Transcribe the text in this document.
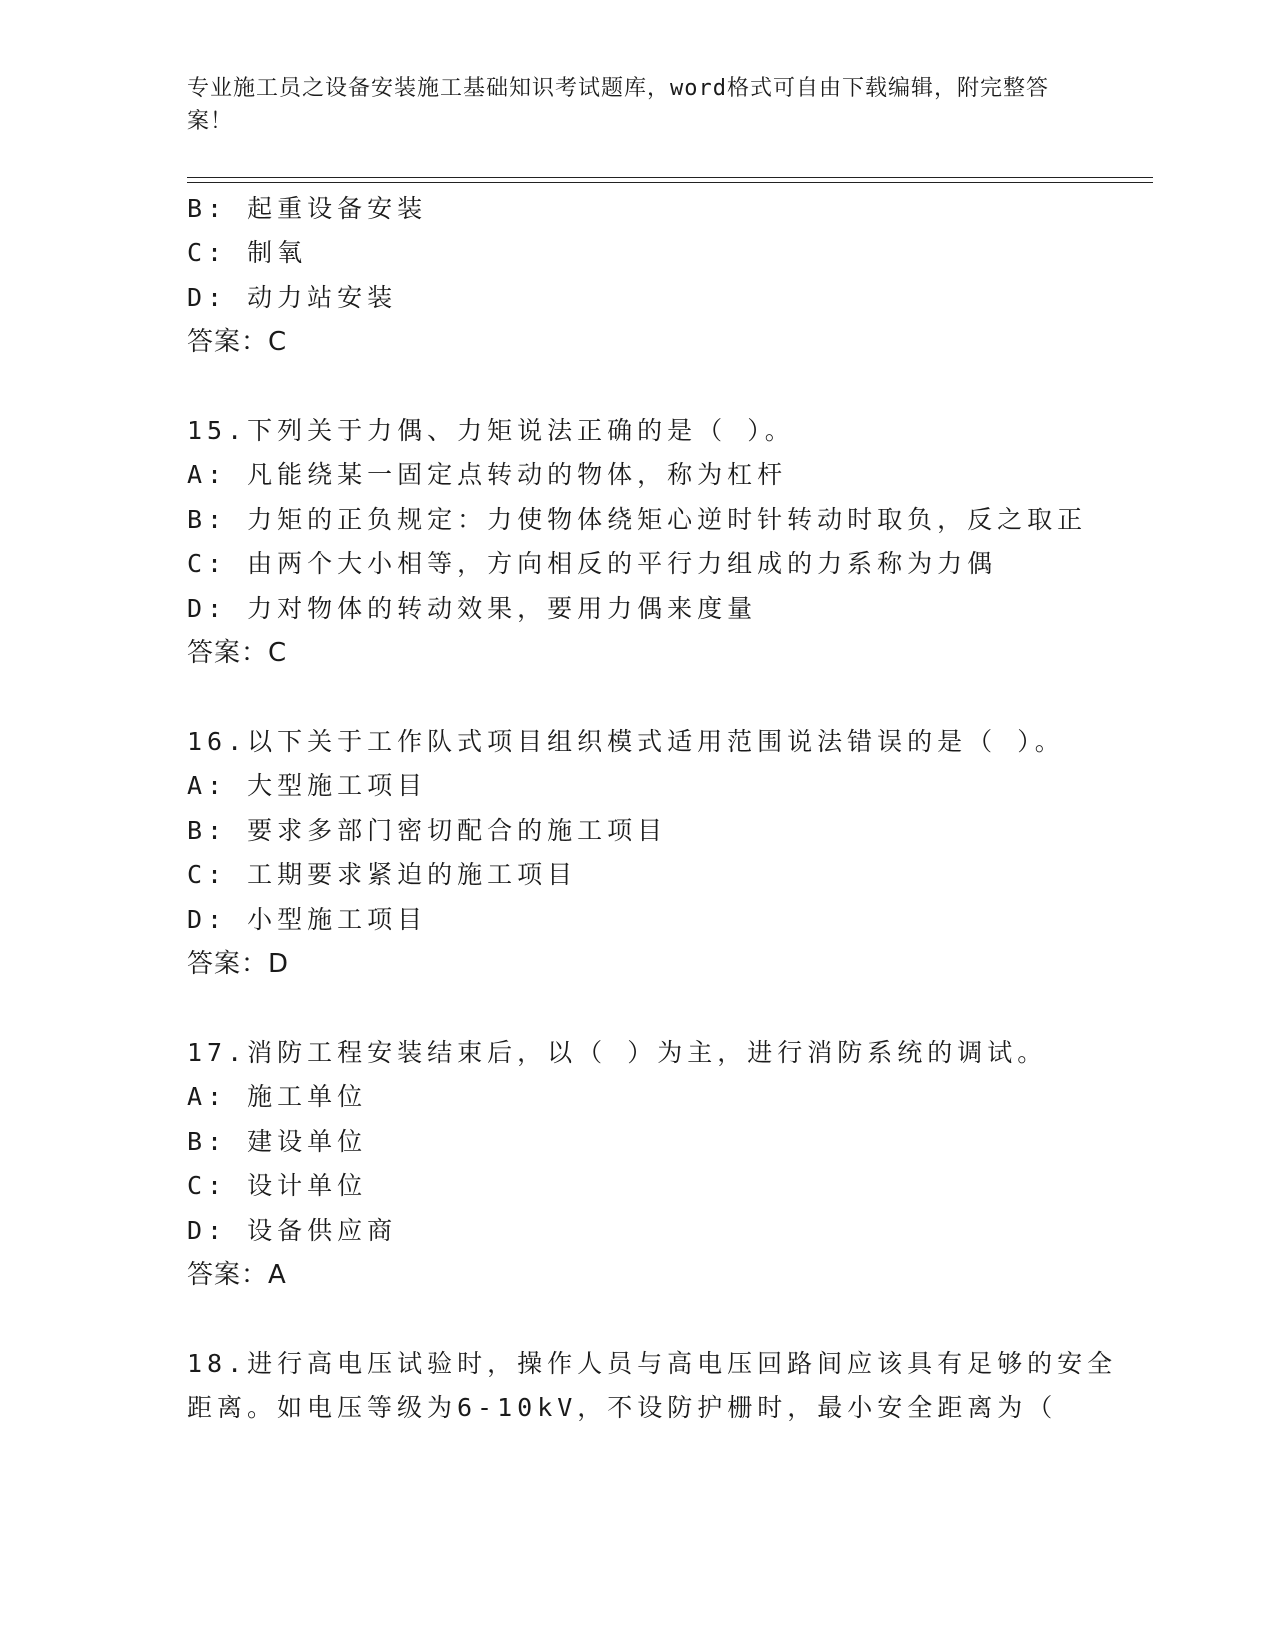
专业施工员之设备安装施工基础知识考试题库，word格式可自由下载编辑，附完整答案！
B: 起重设备安装
C: 制氧
D: 动力站安装
答案：C
15.下列关于力偶、力矩说法正确的是（ ）。
A: 凡能绕某一固定点转动的物体，称为杠杆
B: 力矩的正负规定：力使物体绕矩心逆时针转动时取负，反之取正
C: 由两个大小相等，方向相反的平行力组成的力系称为力偶
D: 力对物体的转动效果，要用力偶来度量
答案：C
16.以下关于工作队式项目组织模式适用范围说法错误的是（ ）。
A: 大型施工项目
B: 要求多部门密切配合的施工项目
C: 工期要求紧迫的施工项目
D: 小型施工项目
答案：D
17.消防工程安装结束后，以（ ）为主，进行消防系统的调试。
A: 施工单位
B: 建设单位
C: 设计单位
D: 设备供应商
答案：A
18.进行高电压试验时，操作人员与高电压回路间应该具有足够的安全
距离。如电压等级为6-10kV，不设防护栅时，最小安全距离为（
